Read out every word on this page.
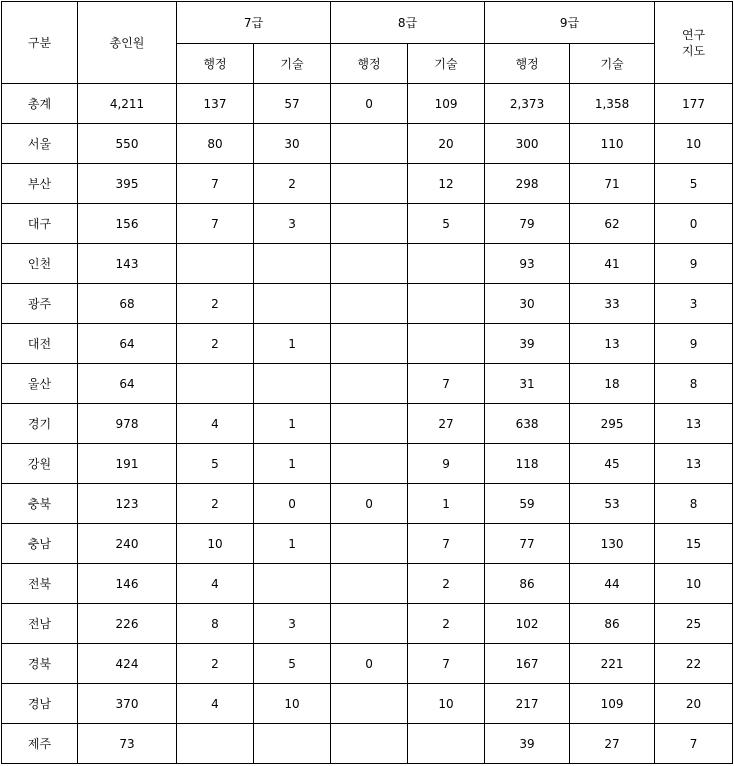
구분	총인원	7급		8급		9급		연구
지도
		행정	기술	행정	기술	행정	기술	
총계	4,211	137	57	0	109	2,373	1,358	177
서울	550	80	30		20	300	110	10
부산	395	7	2		12	298	71	5
대구	156	7	3		5	79	62	0
인천	143					93	41	9
광주	68	2				30	33	3
대전	64	2	1			39	13	9
울산	64				7	31	18	8
경기	978	4	1		27	638	295	13
강원	191	5	1		9	118	45	13
충북	123	2	0	0	1	59	53	8
충남	240	10	1		7	77	130	15
전북	146	4			2	86	44	10
전남	226	8	3		2	102	86	25
경북	424	2	5	0	7	167	221	22
경남	370	4	10		10	217	109	20
제주	73					39	27	7
